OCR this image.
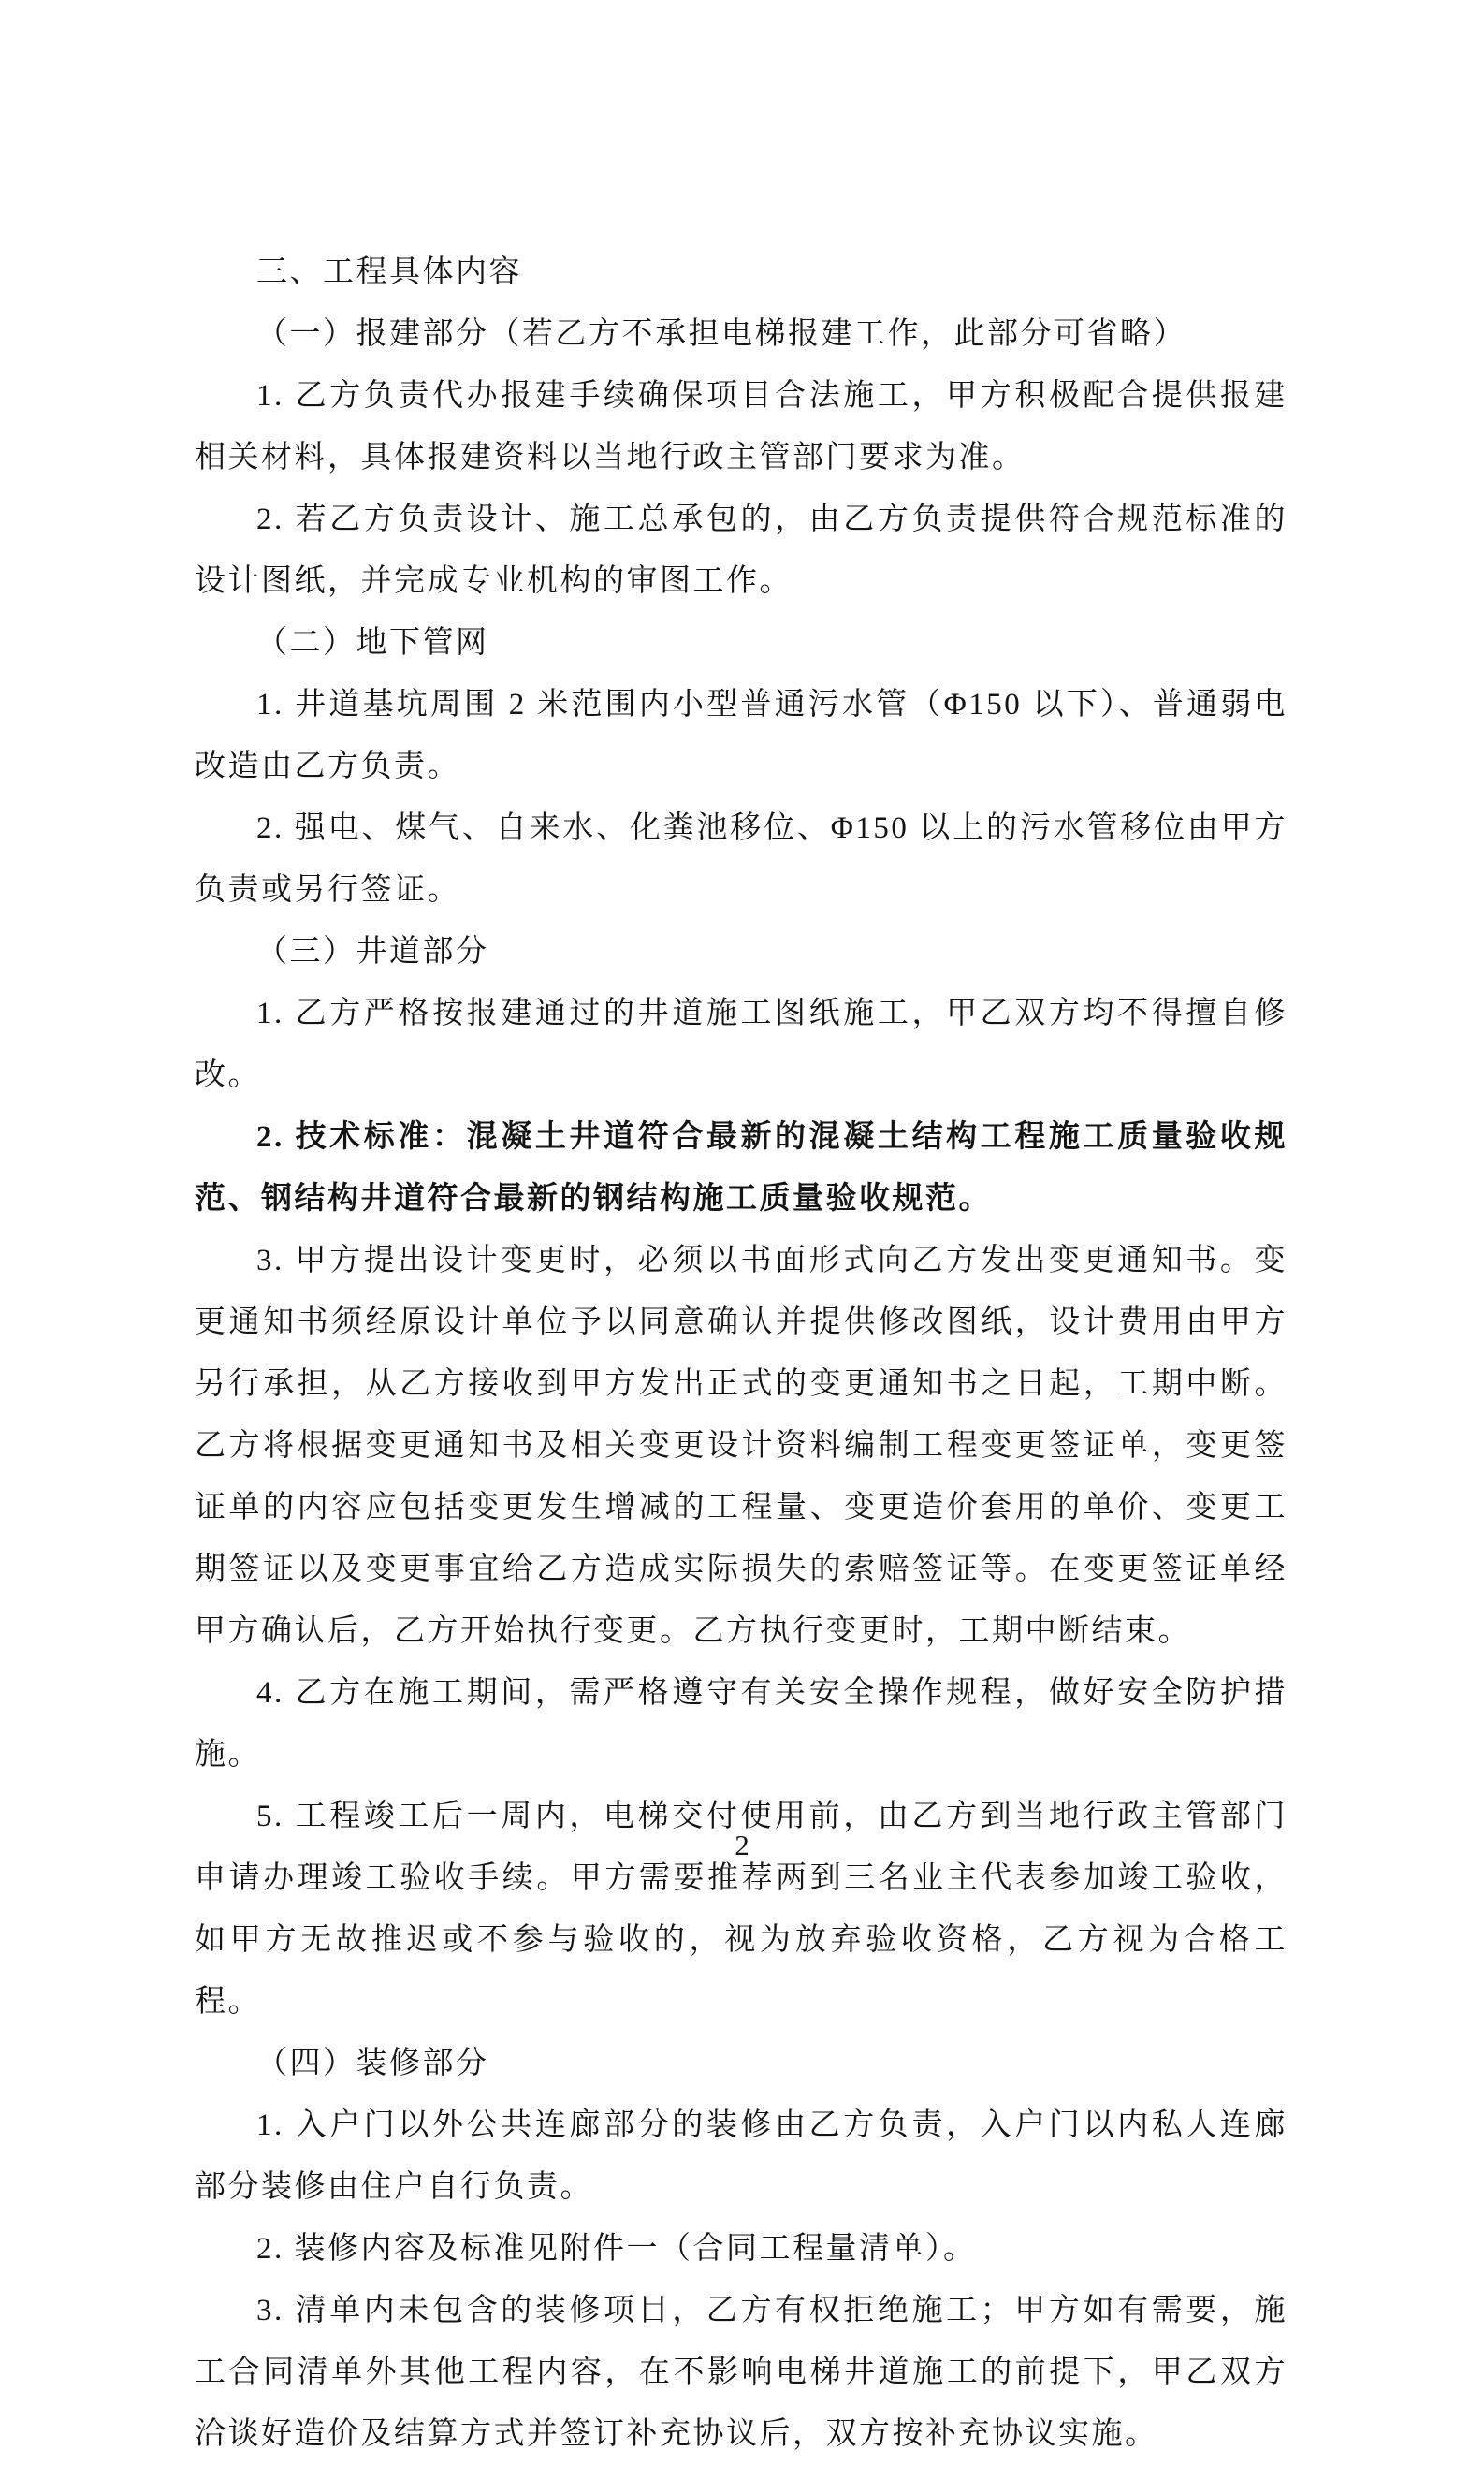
三、工程具体内容
（一）报建部分（若乙方不承担电梯报建工作，此部分可省略）
1. 乙方负责代办报建手续确保项目合法施工，甲方积极配合提供报建相关材料，具体报建资料以当地行政主管部门要求为准。
2. 若乙方负责设计、施工总承包的，由乙方负责提供符合规范标准的设计图纸，并完成专业机构的审图工作。
（二）地下管网
1. 井道基坑周围 2 米范围内小型普通污水管（Φ150 以下）、普通弱电改造由乙方负责。
2. 强电、煤气、自来水、化粪池移位、Φ150 以上的污水管移位由甲方负责或另行签证。
（三）井道部分
1. 乙方严格按报建通过的井道施工图纸施工，甲乙双方均不得擅自修改。
2. 技术标准：混凝土井道符合最新的混凝土结构工程施工质量验收规范、钢结构井道符合最新的钢结构施工质量验收规范。
3. 甲方提出设计变更时，必须以书面形式向乙方发出变更通知书。变更通知书须经原设计单位予以同意确认并提供修改图纸，设计费用由甲方另行承担，从乙方接收到甲方发出正式的变更通知书之日起，工期中断。乙方将根据变更通知书及相关变更设计资料编制工程变更签证单，变更签证单的内容应包括变更发生增减的工程量、变更造价套用的单价、变更工期签证以及变更事宜给乙方造成实际损失的索赔签证等。在变更签证单经甲方确认后，乙方开始执行变更。乙方执行变更时，工期中断结束。
4. 乙方在施工期间，需严格遵守有关安全操作规程，做好安全防护措施。
5. 工程竣工后一周内，电梯交付使用前，由乙方到当地行政主管部门申请办理竣工验收手续。甲方需要推荐两到三名业主代表参加竣工验收，如甲方无故推迟或不参与验收的，视为放弃验收资格，乙方视为合格工程。
（四）装修部分
1. 入户门以外公共连廊部分的装修由乙方负责，入户门以内私人连廊部分装修由住户自行负责。
2. 装修内容及标准见附件一（合同工程量清单）。
3. 清单内未包含的装修项目，乙方有权拒绝施工；甲方如有需要，施工合同清单外其他工程内容，在不影响电梯井道施工的前提下，甲乙双方洽谈好造价及结算方式并签订补充协议后，双方按补充协议实施。
2
